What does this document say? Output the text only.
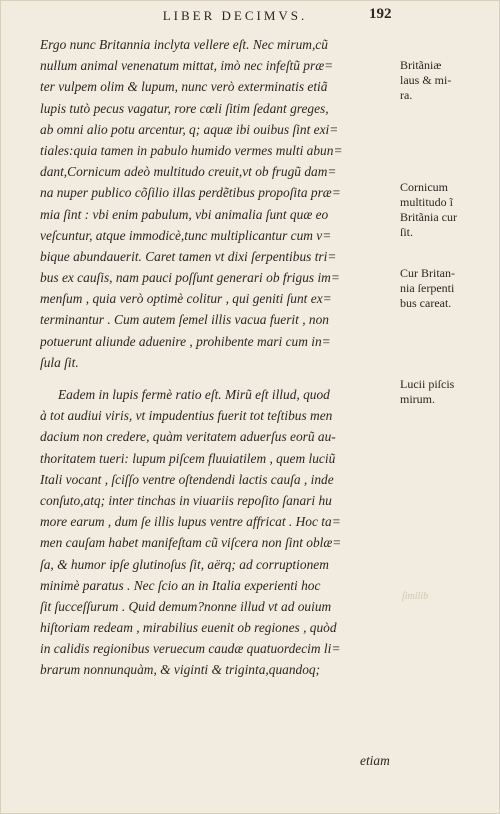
LIBER DECIMVS.	192
Ergo nunc Britannia inclyta vellere eſt. Nec mirum,cũ
nullum animal venenatum mittat, imò nec infeſtũ præ=
ter vulpem olim & lupum, nunc verò exterminatis etiã
lupis tutò pecus vagatur, rore cœli ſitim ſedant greges,
ab omni alio potu arcentur, q; aquæ ibi ouibus ſint exi=
tiales:quia tamen in pabulo humido vermes multi abun=
dant,Cornicum adeò multitudo creuit,vt ob frugũ dam=
na nuper publico cõſilio illas perdẽtibus propoſita præ=
mia ſint : vbi enim pabulum, vbi animalia ſunt quæ eo
veſcuntur, atque immodicè,tunc multiplicantur cum v=
bique abundauerit. Caret tamen vt dixi ſerpentibus tri=
bus ex cauſis, nam pauci poſſunt generari ob frigus im=
menſum , quia verò optimè colitur , qui geniti ſunt ex=
terminantur . Cum autem ſemel illis vacua fuerit , non
potuerunt aliunde aduenire , prohibente mari cum in=
ſula ſit.
Eadem in lupis fermè ratio eſt. Mirũ eſt illud, quod
à tot audiui viris, vt impudentius fuerit tot teſtibus men
dacium non credere, quàm veritatem aduerſus eorũ au-
thoritatem tueri: lupum piſcem fluuiatilem , quem luciũ
Itali vocant , ſciſſo ventre oſtendendi lactis cauſa , inde
conſuto,atq; inter tinchas in viuariis repoſito ſanari hu
more earum , dum ſe illis lupus ventre affricat . Hoc ta=
men cauſam habet manifeſtam cũ viſcera non ſint oblæ=
ſa, & humor ipſe glutinoſus ſit, aërq; ad corruptionem
minimè paratus . Nec ſcio an in Italia experienti hoc
ſit ſucceſſurum . Quid demum?nonne illud vt ad ouium
hiſtoriam redeam , mirabilius euenit ob regiones , quòd
in calidis regionibus veruecum caudæ quatuordecim li=
brarum nonnunquàm, & viginti & triginta,quandoq;
etiam
Britãniæ
laus & mi-
ra.
Cornicum
multitudo ĩ
Britãnia cur
ſit.
Cur Britan-
nia ſerpenti
bus careat.
Lucii piſcis
mirum.
ſimilib
